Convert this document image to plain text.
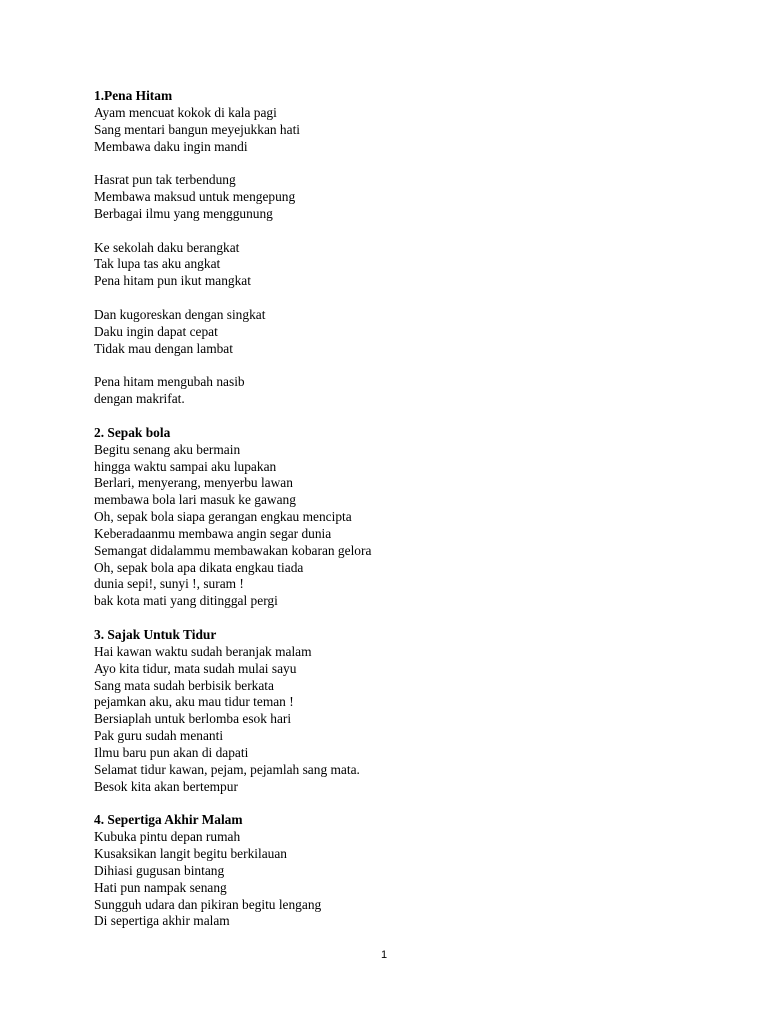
1.Pena Hitam
Ayam mencuat kokok di kala pagi
Sang mentari bangun meyejukkan hati
Membawa daku ingin mandi
Hasrat pun tak terbendung
Membawa maksud untuk mengepung
Berbagai ilmu yang menggunung
Ke sekolah daku berangkat
Tak lupa tas aku angkat
Pena hitam pun ikut mangkat
Dan kugoreskan dengan singkat
Daku ingin dapat cepat
Tidak mau dengan lambat
Pena hitam mengubah nasib
dengan makrifat.
2. Sepak bola
Begitu senang aku bermain
hingga waktu sampai aku lupakan
Berlari, menyerang, menyerbu lawan
membawa bola lari masuk ke gawang
Oh, sepak bola siapa gerangan engkau mencipta
Keberadaanmu membawa angin segar dunia
Semangat didalammu membawakan kobaran gelora
Oh, sepak bola apa dikata engkau tiada
dunia sepi!, sunyi !, suram !
bak kota mati yang ditinggal pergi
3. Sajak Untuk Tidur
Hai kawan waktu sudah beranjak malam
Ayo kita tidur, mata sudah mulai sayu
Sang mata sudah berbisik berkata
pejamkan aku, aku mau tidur teman !
Bersiaplah untuk berlomba esok hari
Pak guru sudah menanti
Ilmu baru pun akan di dapati
Selamat tidur kawan, pejam, pejamlah sang mata.
Besok kita akan bertempur
4. Sepertiga Akhir Malam
Kubuka pintu depan rumah
Kusaksikan langit begitu berkilauan
Dihiasi gugusan bintang
Hati pun nampak senang
Sungguh udara dan pikiran begitu lengang
Di sepertiga akhir malam
1
